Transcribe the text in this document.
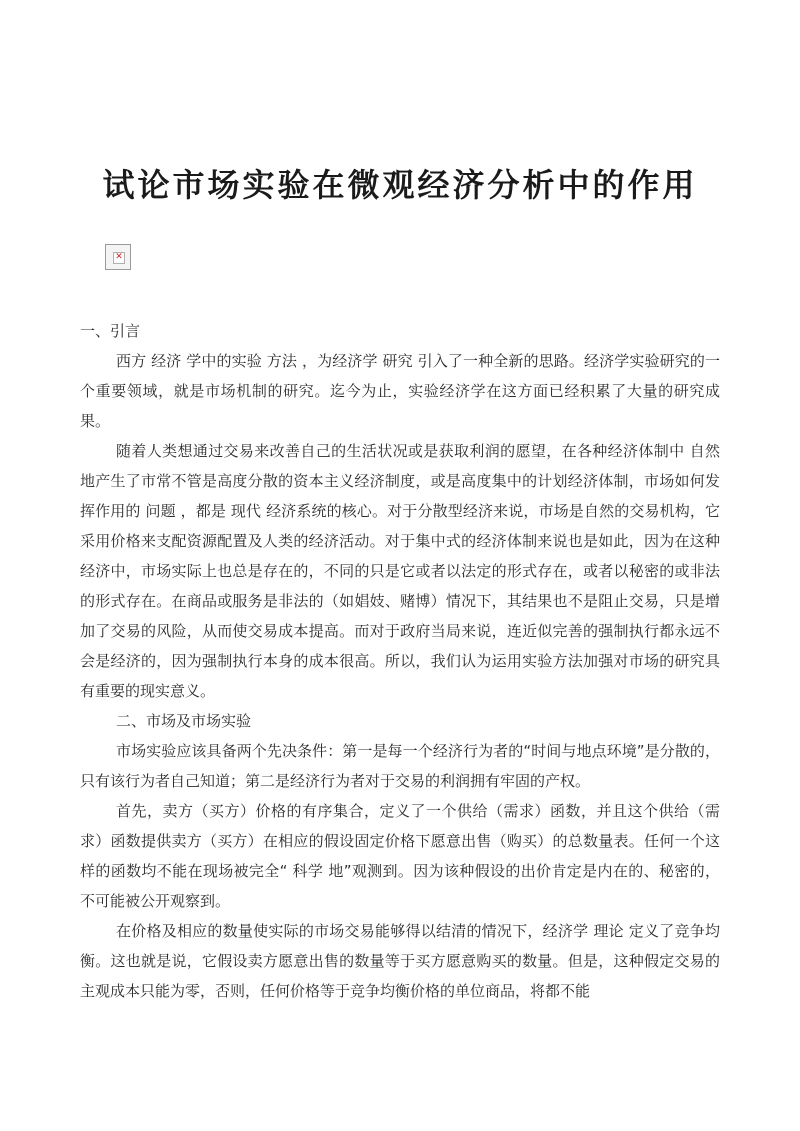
试论市场实验在微观经济分析中的作用
✕

一、引言

西方 经济 学中的实验 方法 ，为经济学 研究 引入了一种全新的思路。经济学实验研究的一个重要领域，就是市场机制的研究。迄今为止，实验经济学在这方面已经积累了大量的研究成果。

随着人类想通过交易来改善自己的生活状况或是获取利润的愿望，在各种经济体制中 自然 地产生了市常不管是高度分散的资本主义经济制度，或是高度集中的计划经济体制，市场如何发挥作用的 问题 ，都是 现代 经济系统的核心。对于分散型经济来说，市场是自然的交易机构，它采用价格来支配资源配置及人类的经济活动。对于集中式的经济体制来说也是如此，因为在这种经济中，市场实际上也总是存在的，不同的只是它或者以法定的形式存在，或者以秘密的或非法的形式存在。在商品或服务是非法的（如娼妓、赌博）情况下，其结果也不是阻止交易，只是增加了交易的风险，从而使交易成本提高。而对于政府当局来说，连近似完善的强制执行都永远不会是经济的，因为强制执行本身的成本很高。所以，我们认为运用实验方法加强对市场的研究具有重要的现实意义。

二、市场及市场实验

市场实验应该具备两个先决条件：第一是每一个经济行为者的“时间与地点环境”是分散的，只有该行为者自己知道；第二是经济行为者对于交易的利润拥有牢固的产权。

首先，卖方（买方）价格的有序集合，定义了一个供给（需求）函数，并且这个供给（需求）函数提供卖方（买方）在相应的假设固定价格下愿意出售（购买）的总数量表。任何一个这样的函数均不能在现场被完全“ 科学 地”观测到。因为该种假设的出价肯定是内在的、秘密的，不可能被公开观察到。

在价格及相应的数量使实际的市场交易能够得以结清的情况下，经济学 理论 定义了竞争均衡。这也就是说，它假设卖方愿意出售的数量等于买方愿意购买的数量。但是，这种假定交易的主观成本只能为零，否则，任何价格等于竞争均衡价格的单位商品，将都不能
